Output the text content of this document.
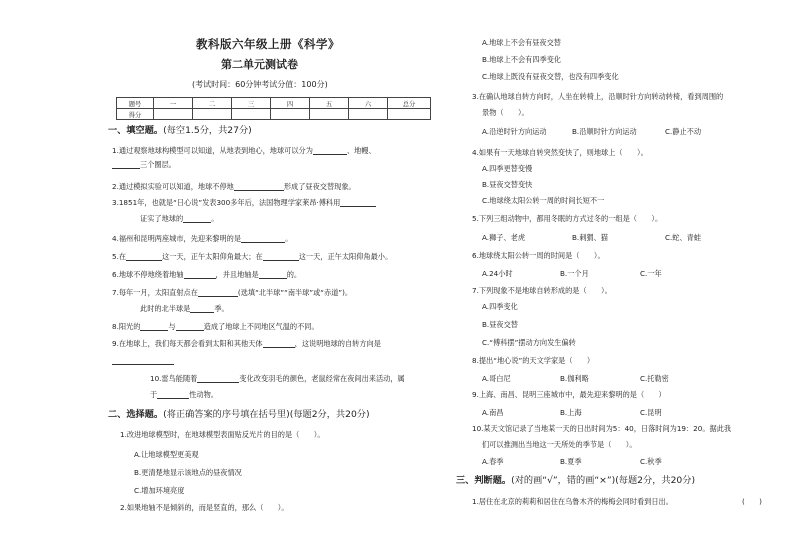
教科版六年级上册《科学》
第二单元测试卷
(考试时间：60分钟考试分值：100分)
题号	一	二	三	四	五	六	总分
得分							
一、填空题。(每空1.5分，共27分)
1.通过观察地球构模型可以知道，从地表到地心，地球可以分为	、地幔、
三个圈层。
2.通过模拟实验可以知道，地球不停地	形成了昼夜交替现象。
3.1851年，也就是“日心说”发表300多年后，法国物理学家莱昂·傅科用
证实了地球的	。
4.福州和昆明两座城市，先迎来黎明的是	。
5.在	这一天，正午太阳仰角最大；在	这一天，正午太阳仰角最小。
6.地球不停地绕着地轴	，并且地轴是	的。
7.每年一月，太阳直射点在	(选填“北半球”“南半球”或“赤道”)。
此时的北半球是	季。
8.阳光的	与	造成了地球上不同地区气温的不同。
9.在地球上，我们每天都会看到太阳和其他天体	，这说明地球的自转方向是
10.雷鸟能随着	变化改变羽毛的颜色，老鼠经常在夜间出来活动，属
于	性动物。
二、选择题。(将正确答案的序号填在括号里)(每题2分，共20分)
1.改进地球模型时，在地球模型表面贴反光片的目的是（　　）。
A.让地球模型更美观
B.更清楚地显示该地点的昼夜情况
C.增加环境亮度
2.如果地轴不是倾斜的，而是竖直的，那么（　　）。
A.地球上不会有昼夜交替
B.地球上不会有四季变化
C.地球上既没有昼夜交替，也没有四季变化
3.在确认地球自转方向时，人坐在转椅上，沿顺时针方向转动转椅，看到周围的
景物（　　）。
A.沿逆时针方向运动	B.沿顺时针方向运动	C.静止不动
4.如果有一天地球自转突然变快了，则地球上（　　）。
A.四季更替变慢
B.昼夜交替变快
C.地球绕太阳公转一周的时间长短不一
5.下列三组动物中，都用冬眠的方式过冬的一组是（　　）。
A.狮子、老虎	B.刺猬、猫	C.蛇、青蛙
6.地球绕太阳公转一周的时间是（　　）。
A.24小时	B.一个月	C.一年
7.下列现象不是地球自转形成的是（　　）。
A.四季变化
B.昼夜交替
C.“傅科摆”摆动方向发生偏转
8.提出“地心说”的天文学家是（　　）
A.哥白尼	B.伽利略	C.托勒密
9.上海、南昌、昆明三座城市中，最先迎来黎明的是（　　）
A.南昌	B.上海	C.昆明
10.某天文馆记录了当地某一天的日出时间为5：40，日落时间为19：20。据此我
们可以推测出当地这一天所处的季节是（　　）。
A.春季	B.夏季	C.秋季
三、判断题。(对的画“√”，错的画“×”)(每题2分，共20分)
1.居住在北京的莉莉和居住在乌鲁木齐的梅梅会同时看到日出。	(　　)
